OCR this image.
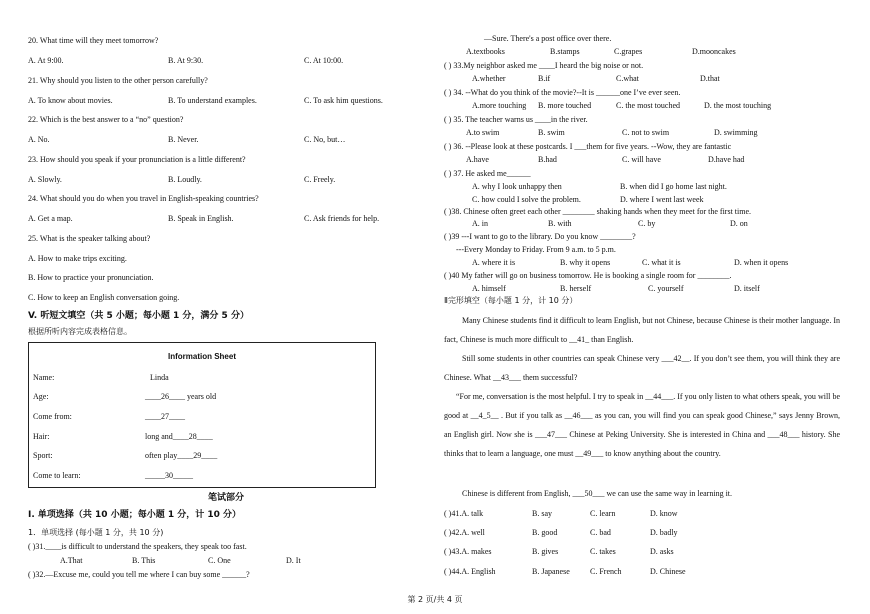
20. What time will they meet tomorrow?
A. At 9:00.	B. At 9:30.	C. At 10:00.
21. Why should you listen to the other person carefully?
A. To know about movies.	B. To understand examples.	C. To ask him questions.
22. Which is the best answer to a “no” question?
A. No.	B. Never.	C. No, but…
23. How should you speak if your pronunciation is a little different?
A. Slowly.	B. Loudly.	C. Freely.
24. What should you do when you travel in English-speaking countries?
A. Get a map.	B. Speak in English.	C. Ask friends for help.
25. What is the speaker talking about?
A. How to make trips exciting.
B. How to practice your pronunciation.
C. How to keep an English conversation going.
V. 听短文填空（共 5 小题；每小题 1 分，满分 5 分）
根据所听内容完成表格信息。
Information Sheet
Name:	Linda
Age:	____26____ years old
Come from:	____27____
Hair:	long and____28____
Sport:	often play____29____
Come to learn:	_____30_____
笔试部分
I. 单项选择（共 10 小题；每小题 1 分，计 10 分）
1．单项选择 (每小题 1 分，共 10 分)
( )31.____is difficult to understand the speakers, they speak too fast.
A.That	B. This	C. One	D. It
( )32.—Excuse me, could you tell me where I can buy some ______?
—Sure. There's a post office over there.
A.textbooks	B.stamps	C.grapes	D.mooncakes
( ) 33.My neighbor asked me ____I heard the big noise or not.
A.whether	B.if	C.what	D.that
( ) 34. --What do you think of the movie?--It is ______one I’ve ever seen.
A.more touching B. more touched	C. the most touched	D. the most touching
( ) 35. The teacher warns us ____in the river.
A.to swim	B. swim	C. not to swim	D. swimming
( ) 36. --Please look at these postcards. I ___them for five years. --Wow, they are fantastic
A.have	B.had	C. will have	D.have had
( ) 37. He asked me______
A. why I look unhappy then	B. when did I go home last night.
C. how could I solve the problem.	D. where I went last week
( )38. Chinese often greet each other ________ shaking hands when they meet for the first time.
A. in	B. with	C. by	D. on
( )39 ---I want to go to the library. Do you know ________?
---Every Monday to Friday. From 9 a.m. to 5 p.m.
A. where it is	B. why it opens	C. what it is	D. when it opens
( )40 My father will go on business tomorrow. He is booking a single room for ________.
A. himself	B. herself	C. yourself	D. itself
Ⅱ完形填空（每小题 1 分，计 10 分）
Many Chinese students find it difficult to learn English, but not Chinese, because Chinese is their mother language. In fact, Chinese is much more difficult to __41_ than English.
Still some students in other countries can speak Chinese very ___42__. If you don’t see them, you will think they are Chinese. What __43___ them successful?
“For me, conversation is the most helpful. I try to speak in __44___. If you only listen to what others speak, you will be good at __4_5__ . But if you talk as __46___ as you can, you will find you can speak good Chinese,” says Jenny Brown, an English girl. Now she is ___47___ Chinese at Peking University. She is interested in China and ___48___ history. She thinks that to learn a language, one must __49___ to know anything about the country.
Chinese is different from English, ___50___ we can use the same way in learning it.
( )41.A. talk	B. say	C. learn	D. know
( )42.A. well	B. good	C. bad	D. badly
( )43.A. makes	B. gives	C. takes	D. asks
( )44.A. English	B. Japanese	C. French	D. Chinese
第 2 页/共 4 页
